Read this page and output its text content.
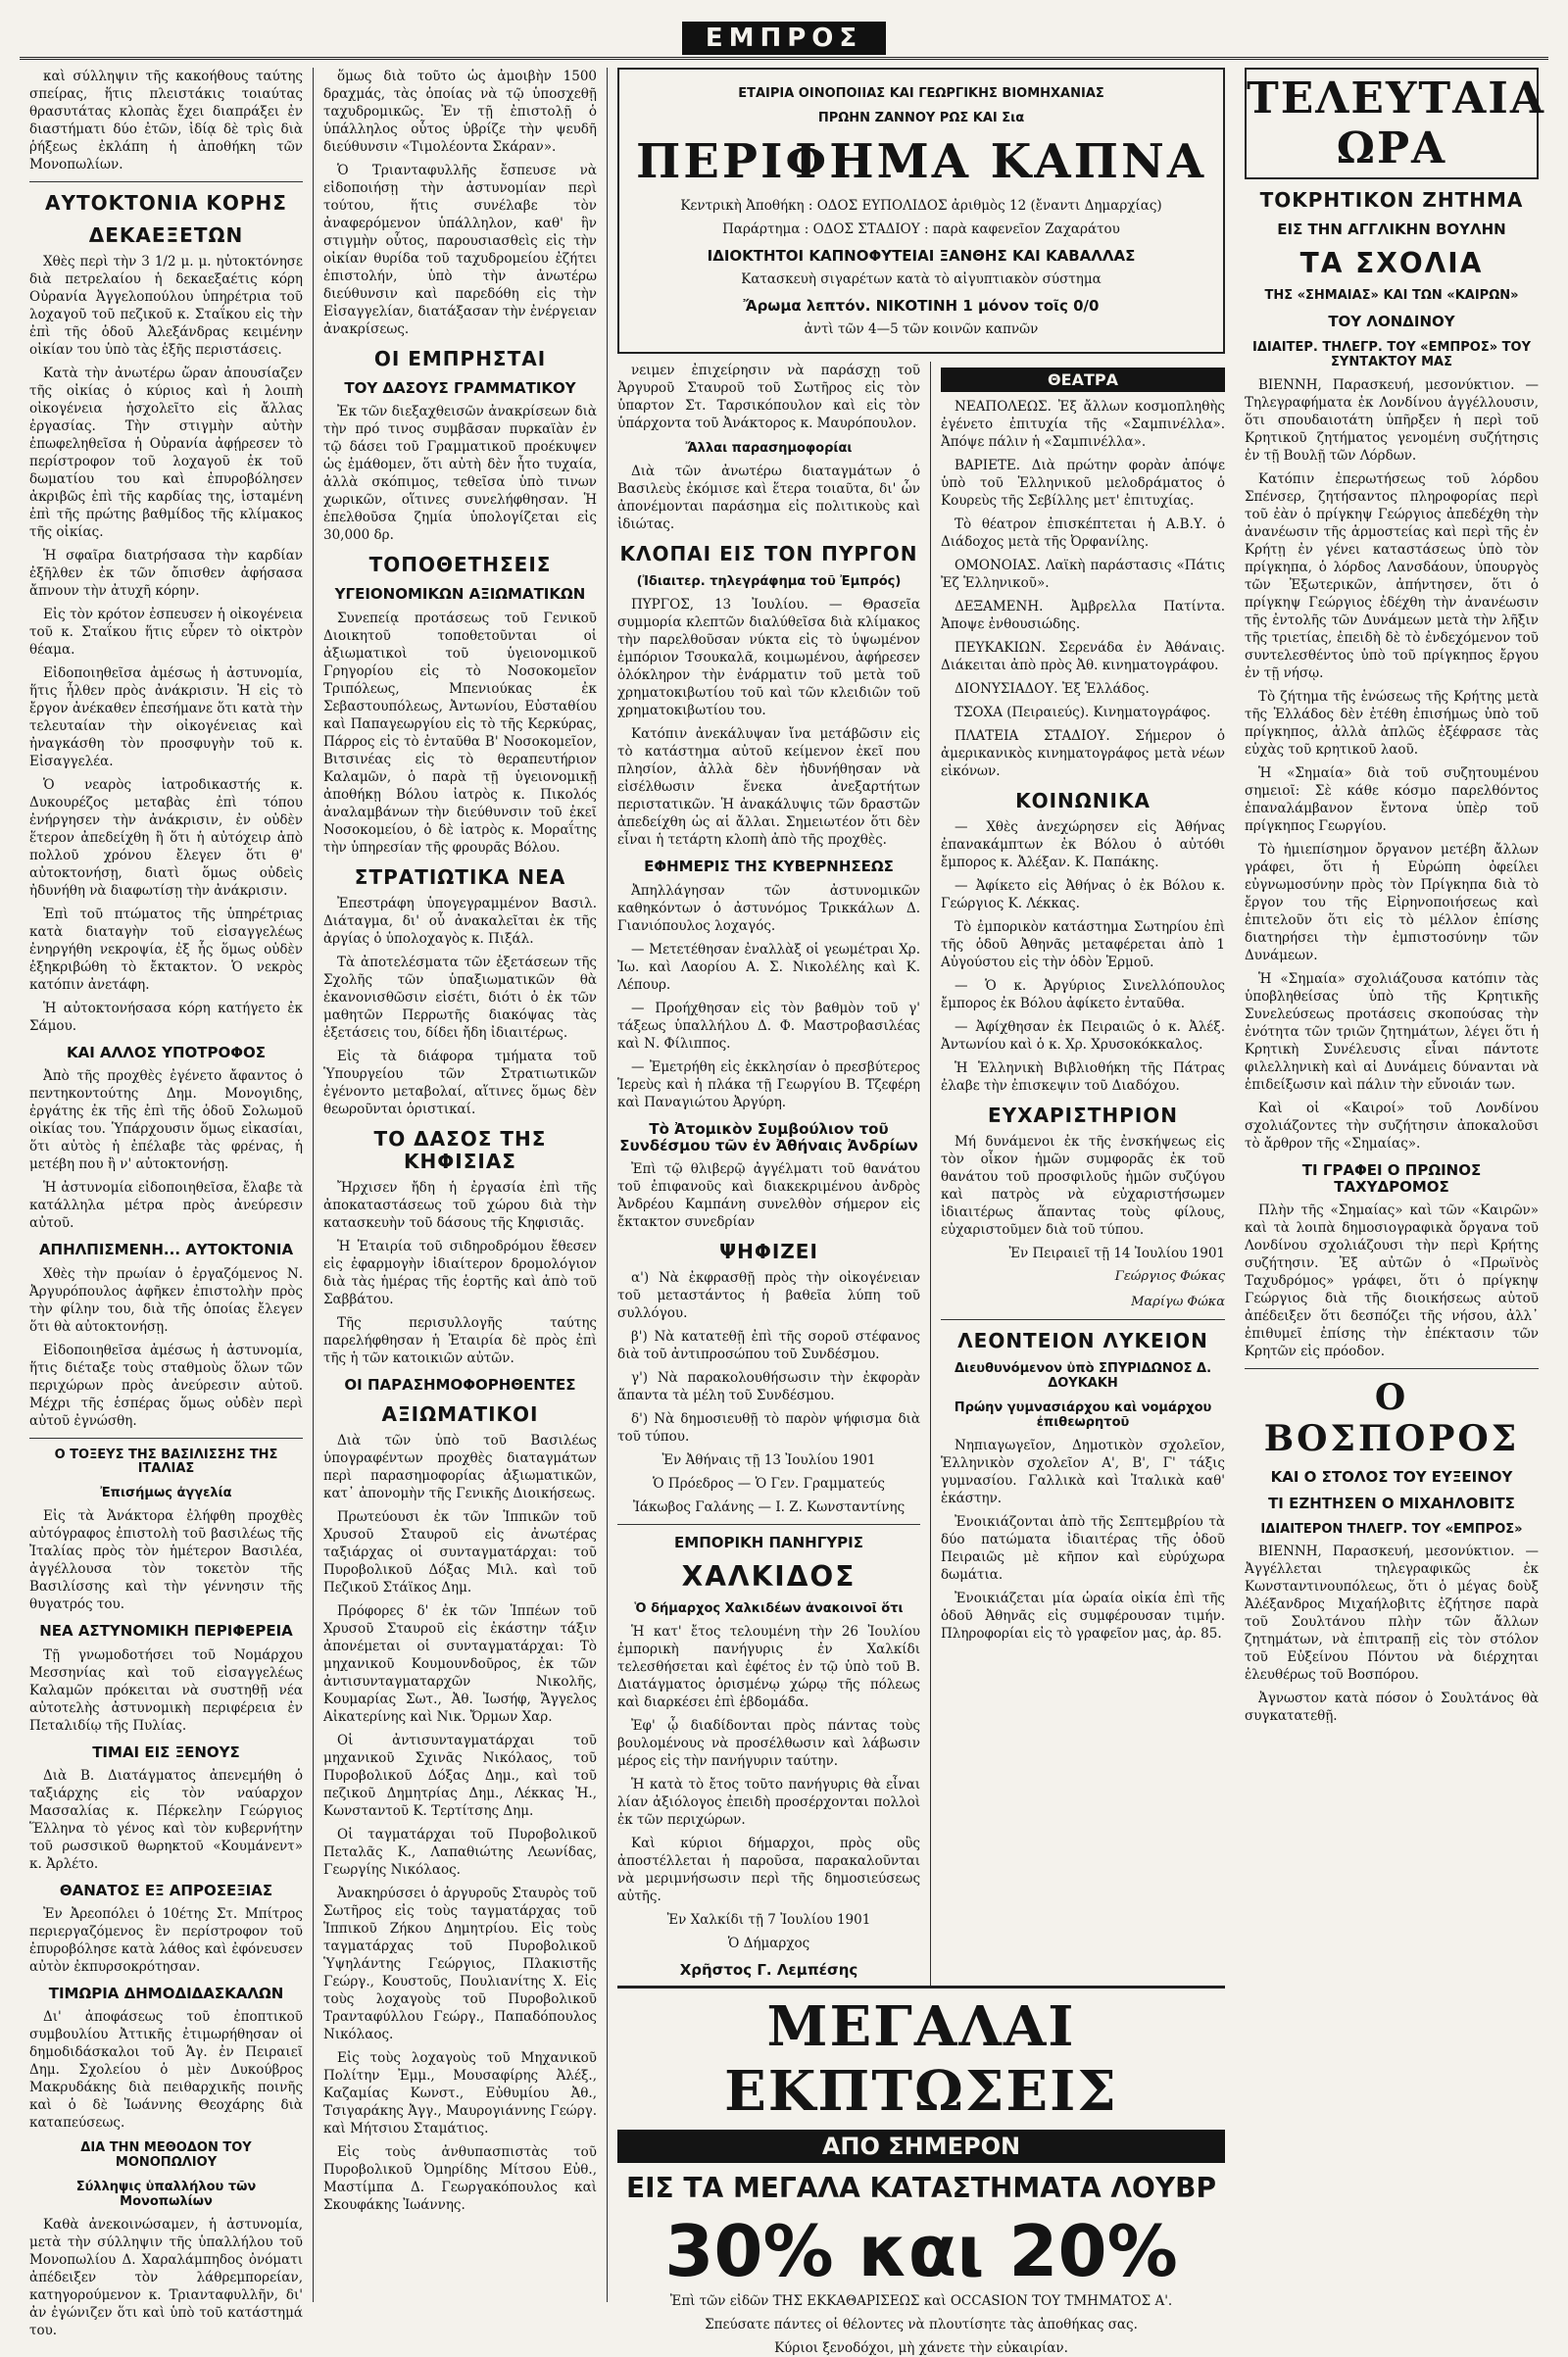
ΕΜΠΡΟΣ

καὶ σύλληψιν τῆς κακοήθους ταύτης σπείρας, ἥτις πλειστάκις τοιαύτας θρασυτάτας κλοπὰς ἔχει διαπράξει ἐν διαστήματι δύο ἐτῶν, ἰδίᾳ δὲ τρὶς διὰ ῥήξεως ἐκλάπη ἡ ἀποθήκη τῶν Μονοπωλίων.

ΑΥΤΟΚΤΟΝΙΑ ΚΟΡΗΣ
ΔΕΚΑΕΞΕΤΩΝ

Χθὲς περὶ τὴν 3 1/2 μ. μ. ηὐτοκτόνησε διὰ πετρελαίου ἡ δεκαεξαέτις κόρη Οὐρανία Ἀγγελοπούλου ὑπηρέτρια τοῦ λοχαγοῦ τοῦ πεζικοῦ κ. Σταΐκου εἰς τὴν ἐπὶ τῆς ὁδοῦ Ἀλεξάνδρας κειμένην οἰκίαν του ὑπὸ τὰς ἑξῆς περιστάσεις.

Κατὰ τὴν ἀνωτέρω ὥραν ἀπουσίαζεν τῆς οἰκίας ὁ κύριος καὶ ἡ λοιπὴ οἰκογένεια ἠσχολεῖτο εἰς ἄλλας ἐργασίας. Τὴν στιγμὴν αὐτὴν ἐπωφεληθεῖσα ἡ Οὐρανία ἀφῄρεσεν τὸ περίστροφον τοῦ λοχαγοῦ ἐκ τοῦ δωματίου του καὶ ἐπυροβόλησεν ἀκριβῶς ἐπὶ τῆς καρδίας της, ἱσταμένη ἐπὶ τῆς πρώτης βαθμίδος τῆς κλίμακος τῆς οἰκίας.

Ἡ σφαῖρα διατρήσασα τὴν καρδίαν ἐξῆλθεν ἐκ τῶν ὄπισθεν ἀφήσασα ἄπνουν τὴν ἀτυχῆ κόρην.

Εἰς τὸν κρότον ἐσπευσεν ἡ οἰκογένεια τοῦ κ. Σταΐκου ἥτις εὗρεν τὸ οἰκτρὸν θέαμα.

Εἰδοποιηθεῖσα ἀμέσως ἡ ἀστυνομία, ἥτις ἦλθεν πρὸς ἀνάκρισιν. Ἡ εἰς τὸ ἔργον ἀνέκαθεν ἐπεσήμανε ὅτι κατὰ τὴν τελευταίαν τὴν οἰκογένειας καὶ ἠναγκάσθη τὸν προσφυγὴν τοῦ κ. Εἰσαγγελέα.

Ὁ νεαρὸς ἰατροδικαστής κ. Δυκουρέζος μεταβὰς ἐπὶ τόπου ἐνήργησεν τὴν ἀνάκρισιν, ἐν οὐδὲν ἕτερον ἀπεδείχθη ἢ ὅτι ἡ αὐτόχειρ ἀπὸ πολλοῦ χρόνου ἔλεγεν ὅτι θ' αὐτοκτονήσῃ, διατὶ ὅμως οὐδεὶς ἠδυνήθη νὰ διαφωτίσῃ τὴν ἀνάκρισιν.

Ἐπὶ τοῦ πτώματος τῆς ὑπηρέτριας κατὰ διαταγὴν τοῦ εἰσαγγελέως ἐνηργήθη νεκροψία, ἐξ ἧς ὅμως οὐδὲν ἐξηκριβώθη τὸ ἔκτακτον. Ὁ νεκρὸς κατόπιν ἀνετάφη.

Ἡ αὐτοκτονήσασα κόρη κατήγετο ἐκ Σάμου.

ΚΑΙ ΑΛΛΟΣ ΥΠΟΤΡΟΦΟΣ

Ἀπὸ τῆς προχθὲς ἐγένετο ἄφαντος ὁ πεντηκοντούτης Δημ. Μονογιδης, ἐργάτης ἐκ τῆς ἐπὶ τῆς ὁδοῦ Σολωμοῦ οἰκίας του. Ὑπάρχουσιν ὅμως εἰκασίαι, ὅτι αὐτὸς ἡ ἐπέλαβε τὰς φρένας, ἡ μετέβη που ἢ ν' αὐτοκτονήσῃ.

Ἡ ἀστυνομία εἰδοποιηθεῖσα, ἔλαβε τὰ κατάλληλα μέτρα πρὸς ἀνεύρεσιν αὐτοῦ.

ΑΠΗΛΠΙΣΜΕΝΗ... ΑΥΤΟΚΤΟΝΙΑ

Χθὲς τὴν πρωίαν ὁ ἐργαζόμενος Ν. Ἀργυρόπουλος ἀφῆκεν ἐπιστολὴν πρὸς τὴν φίλην του, διὰ τῆς ὁποίας ἔλεγεν ὅτι θὰ αὐτοκτονήσῃ.

Εἰδοποιηθεῖσα ἀμέσως ἡ ἀστυνομία, ἥτις διέταξε τοὺς σταθμοὺς ὅλων τῶν περιχώρων πρὸς ἀνεύρεσιν αὐτοῦ. Μέχρι τῆς ἑσπέρας ὅμως οὐδὲν περὶ αὐτοῦ ἐγνώσθη.

Ο ΤΟΞΕΥΣ ΤΗΣ ΒΑΣΙΛΙΣΣΗΣ ΤΗΣ ΙΤΑΛΙΑΣ
Ἐπισήμως ἀγγελία

Εἰς τὰ Ἀνάκτορα ἐλήφθη προχθὲς αὐτόγραφος ἐπιστολὴ τοῦ βασιλέως τῆς Ἰταλίας πρὸς τὸν ἡμέτερον Βασιλέα, ἀγγέλλουσα τὸν τοκετὸν τῆς Βασιλίσσης καὶ τὴν γέννησιν τῆς θυγατρός του.

ΝΕΑ ΑΣΤΥΝΟΜΙΚΗ ΠΕΡΙΦΕΡΕΙΑ

Τῇ γνωμοδοτήσει τοῦ Νομάρχου Μεσσηνίας καὶ τοῦ εἰσαγγελέως Καλαμῶν πρόκειται νὰ συστηθῇ νέα αὐτοτελὴς ἀστυνομικὴ περιφέρεια ἐν Πεταλιδίῳ τῆς Πυλίας.

ΤΙΜΑΙ ΕΙΣ ΞΕΝΟΥΣ

Διὰ Β. Διατάγματος ἀπενεμήθη ὁ ταξιάρχης εἰς τὸν ναύαρχον Μασσαλίας κ. Πέρκελην Γεώργιος Ἕλληνα τὸ γένος καὶ τὸν κυβερνήτην τοῦ ρωσσικοῦ θωρηκτοῦ «Κουμάνεντ» κ. Ἀρλέτο.

ΘΑΝΑΤΟΣ ΕΞ ΑΠΡΟΣΕΞΙΑΣ

Ἐν Ἀρεοπόλει ὁ 10έτης Στ. Μπίτρος περιεργαζόμενος ἓν περίστροφον τοῦ ἐπυροβόλησε κατὰ λάθος καὶ ἐφόνευσεν αὐτὸν ἐκπυρσοκρότησαν.

ΤΙΜΩΡΙΑ ΔΗΜΟΔΙΔΑΣΚΑΛΩΝ

Δι' ἀποφάσεως τοῦ ἐποπτικοῦ συμβουλίου Ἀττικῆς ἐτιμωρήθησαν οἱ δημοδιδάσκαλοι τοῦ Ἁγ. ἐν Πειραιεῖ Δημ. Σχολείου ὁ μὲν Δυκούβρος Μακρυδάκης διὰ πειθαρχικῆς ποινῆς καὶ ὁ δὲ Ἰωάννης Θεοχάρης διὰ καταπεύσεως.

ΔΙΑ ΤΗΝ ΜΕΘΟΔΟΝ ΤΟΥ ΜΟΝΟΠΩΛΙΟΥ
Σύλληψις ὑπαλλήλου τῶν Μονοπωλίων

Καθὰ ἀνεκοινώσαμεν, ἡ ἀστυνομία, μετὰ τὴν σύλληψιν τῆς ὑπαλλήλου τοῦ Μονοπωλίου Δ. Χαραλάμπηδος ὀνόματι ἀπέδειξεν τὸν λάθρεμπορείαν, κατηγορούμενον κ. Τριανταφυλλῆν, δι' ἀν ἐγώνιζεν ὅτι καὶ ὑπὸ τοῦ κατάστημά του.

ὅμως διὰ τοῦτο ὡς ἀμοιβὴν 1500 δραχμάς, τὰς ὁποίας νὰ τῷ ὑποσχεθῇ ταχυδρομικῶς. Ἐν τῇ ἐπιστολῇ ὁ ὑπάλληλος οὗτος ὑβρίζε τὴν ψευδῆ διεύθυνσιν «Τιμολέοντα Σκάραν».

Ὁ Τριανταφυλλῆς ἔσπευσε νὰ εἰδοποιήσῃ τὴν ἀστυνομίαν περὶ τούτου, ἥτις συνέλαβε τὸν ἀναφερόμενον ὑπάλληλον, καθ' ἣν στιγμὴν οὗτος, παρουσιασθεὶς εἰς τὴν οἰκίαν θυρίδα τοῦ ταχυδρομείου ἐζήτει ἐπιστολήν, ὑπὸ τὴν ἀνωτέρω διεύθυνσιν καὶ παρεδόθη εἰς τὴν Εἰσαγγελίαν, διατάξασαν τὴν ἐνέργειαν ἀνακρίσεως.

ΟΙ ΕΜΠΡΗΣΤΑΙ
ΤΟΥ ΔΑΣΟΥΣ ΓΡΑΜΜΑΤΙΚΟΥ

Ἐκ τῶν διεξαχθεισῶν ἀνακρίσεων διὰ τὴν πρό τινος συμβᾶσαν πυρκαϊὰν ἐν τῷ δάσει τοῦ Γραμματικοῦ προέκυψεν ὡς ἐμάθομεν, ὅτι αὐτὴ δὲν ἦτο τυχαία, ἀλλὰ σκόπιμος, τεθεῖσα ὑπὸ τινων χωρικῶν, οἵτινες συνελήφθησαν. Ἡ ἐπελθοῦσα ζημία ὑπολογίζεται εἰς 30,000 δρ.

ΤΟΠΟΘΕΤΗΣΕΙΣ
ΥΓΕΙΟΝΟΜΙΚΩΝ ΑΞΙΩΜΑΤΙΚΩΝ

Συνεπείᾳ προτάσεως τοῦ Γενικοῦ Διοικητοῦ τοποθετοῦνται οἱ ἀξιωματικοὶ τοῦ ὑγειονομικοῦ Γρηγορίου εἰς τὸ Νοσοκομεῖον Τριπόλεως, Μπενιούκας ἐκ Σεβαστουπόλεως, Ἀντωνίου, Εὐσταθίου καὶ Παπαγεωργίου εἰς τὸ τῆς Κερκύρας, Πάρρος εἰς τὸ ἐνταῦθα Β' Νοσοκομεῖον, Βιτσινέας εἰς τὸ θεραπευτήριον Καλαμῶν, ὁ παρὰ τῇ ὑγειονομικῇ ἀποθήκῃ Βόλου ἰατρὸς κ. Πικολός ἀναλαμβάνων τὴν διεύθυνσιν τοῦ ἐκεῖ Νοσοκομείου, ὁ δὲ ἰατρὸς κ. Μοραΐτης τὴν ὑπηρεσίαν τῆς φρουρᾶς Βόλου.

ΣΤΡΑΤΙΩΤΙΚΑ ΝΕΑ

Ἐπεστράφη ὑπογεγραμμένον Βασιλ. Διάταγμα, δι' οὗ ἀνακαλεῖται ἐκ τῆς ἀργίας ὁ ὑπολοχαγὸς κ. Πιξάλ.

Τὰ ἀποτελέσματα τῶν ἐξετάσεων τῆς Σχολῆς τῶν ὑπαξιωματικῶν θὰ ἐκανονισθῶσιν εἰσέτι, διότι ὁ ἐκ τῶν μαθητῶν Περρωτῆς διακόψας τὰς ἐξετάσεις του, δίδει ἤδη ἰδιαιτέρως.

Εἰς τὰ διάφορα τμήματα τοῦ Ὑπουργείου τῶν Στρατιωτικῶν ἐγένοντο μεταβολαί, αἵτινες ὅμως δὲν θεωροῦνται ὁριστικαί.

ΤΟ ΔΑΣΟΣ ΤΗΣ ΚΗΦΙΣΙΑΣ

Ἤρχισεν ἤδη ἡ ἐργασία ἐπὶ τῆς ἀποκαταστάσεως τοῦ χώρου διὰ τὴν κατασκευὴν τοῦ δάσους τῆς Κηφισιᾶς.

Ἡ Ἑταιρία τοῦ σιδηροδρόμου ἔθεσεν εἰς ἐφαρμογὴν ἰδιαίτερον δρομολόγιον διὰ τὰς ἡμέρας τῆς ἑορτῆς καὶ ἀπὸ τοῦ Σαββάτου.

Τῆς περισυλλογῆς ταύτης παρελήφθησαν ἡ Ἑταιρία δὲ πρὸς ἐπὶ τῆς ἡ τῶν κατοικιῶν αὐτῶν.

ΟΙ ΠΑΡΑΣΗΜΟΦΟΡΗΘΕΝΤΕΣ
ΑΞΙΩΜΑΤΙΚΟΙ

Διὰ τῶν ὑπὸ τοῦ Βασιλέως ὑπογραφέντων προχθὲς διαταγμάτων περὶ παρασημοφορίας ἀξιωματικῶν, κατ᾽ ἀπονομὴν τῆς Γενικῆς Διοικήσεως.

Πρωτεύουσι ἐκ τῶν Ἱππικῶν τοῦ Χρυσοῦ Σταυροῦ εἰς ἀνωτέρας ταξιάρχας οἱ συνταγματάρχαι: τοῦ Πυροβολικοῦ Δόξας Μιλ. καὶ τοῦ Πεζικοῦ Στάϊκος Δημ.

Πρόφορες δ' ἐκ τῶν Ἱππέων τοῦ Χρυσοῦ Σταυροῦ εἰς ἐκάστην τάξιν ἀπονέμεται οἱ συνταγματάρχαι: Τὸ μηχανικοῦ Κουμουνδοῦρος, ἐκ τῶν ἀντισυνταγματαρχῶν Νικολῆς, Κουμαρίας Σωτ., Ἀθ. Ἰωσήφ, Ἄγγελος Αἰκατερίνης καὶ Νικ. Ὄρμων Χαρ.

Οἱ ἀντισυνταγματάρχαι τοῦ μηχανικοῦ Σχινᾶς Νικόλαος, τοῦ Πυροβολικοῦ Δόξας Δημ., καὶ τοῦ πεζικοῦ Δημητρίας Δημ., Λέκκας Ἠ., Κωνσταντοῦ Κ. Τερτίτσης Δημ.

Οἱ ταγματάρχαι τοῦ Πυροβολικοῦ Πεταλᾶς Κ., Λαπαθιώτης Λεωνίδας, Γεωργίης Νικόλαος.

Ἀνακηρύσσει ὁ ἀργυροῦς Σταυρὸς τοῦ Σωτῆρος εἰς τοὺς ταγματάρχας τοῦ Ἱππικοῦ Ζήκου Δημητρίου. Εἰς τοὺς ταγματάρχας τοῦ Πυροβολικοῦ Ὑψηλάντης Γεώργιος, Πλακιστῆς Γεώργ., Κουστοῦς, Πουλιανίτης Χ. Εἰς τοὺς λοχαγοὺς τοῦ Πυροβολικοῦ Τρανταφύλλου Γεώργ., Παπαδόπουλος Νικόλαος.

Εἰς τοὺς λοχαγοὺς τοῦ Μηχανικοῦ Πολίτην Ἐμμ., Μουσαφίρης Ἀλέξ., Καζαμίας Κωνστ., Εὐθυμίου Ἀθ., Τσιγαράκης Ἀγγ., Μαυρογιάννης Γεώργ. καὶ Μήτσιου Σταμάτιος.

Εἰς τοὺς ἀνθυπασπιστὰς τοῦ Πυροβολικοῦ Ὀμηρίδης Μίτσου Εὐθ., Μαστίμπα Δ. Γεωργακόπουλος καὶ Σκουφάκης Ἰωάννης.

ΕΤΑΙΡΙΑ ΟΙΝΟΠΟΙΙΑΣ ΚΑΙ ΓΕΩΡΓΙΚΗΣ ΒΙΟΜΗΧΑΝΙΑΣ
ΠΡΩΗΝ ΖΑΝΝΟΥ ΡΩΣ ΚΑΙ Σια
ΠΕΡΙΦΗΜΑ ΚΑΠΝΑ

Κεντρικὴ Ἀποθήκη : ΟΔΟΣ ΕΥΠΟΛΙΔΟΣ ἀριθμὸς 12 (ἔναντι Δημαρχίας)

Παράρτημα : ΟΔΟΣ ΣΤΑΔΙΟΥ : παρὰ καφενεῖον Ζαχαράτου

ΙΔΙΟΚΤΗΤΟΙ ΚΑΠΝΟΦΥΤΕΙΑΙ ΞΑΝΘΗΣ ΚΑΙ ΚΑΒΑΛΛΑΣ

Κατασκευὴ σιγαρέτων κατὰ τὸ αἰγυπτιακὸν σύστημα

Ἄρωμα λεπτόν. ΝΙΚΟΤΙΝΗ 1 μόνον τοῖς 0/0

ἀντὶ τῶν 4—5 τῶν κοινῶν καπνῶν

νειμεν ἐπιχείρησιν νὰ παράσχῃ τοῦ Ἀργυροῦ Σταυροῦ τοῦ Σωτῆρος εἰς τὸν ὑπαρτον Στ. Ταρσικόπουλον καὶ εἰς τὸν ὑπάρχοντα τοῦ Ἀνάκτορος κ. Μαυρόπουλον.

Ἄλλαι παρασημοφορίαι

Διὰ τῶν ἀνωτέρω διαταγμάτων ὁ Βασιλεὺς ἐκόμισε καὶ ἕτερα τοιαῦτα, δι' ὧν ἀπονέμονται παράσημα εἰς πολιτικοὺς καὶ ἰδιώτας.

ΚΛΟΠΑΙ ΕΙΣ ΤΟΝ ΠΥΡΓΟΝ
(Ἰδιαιτερ. τηλεγράφημα τοῦ Ἐμπρός)

ΠΥΡΓΟΣ, 13 Ἰουλίου. — Θρασεῖα συμμορία κλεπτῶν διαλύθεῖσα διὰ κλίμακος τὴν παρελθοῦσαν νύκτα εἰς τὸ ὑψωμένον ἐμπόριον Τσουκαλᾶ, κοιμωμένου, ἀφήρεσεν ὁλόκληρον τὴν ἐνάρματιν τοῦ μετὰ τοῦ χρηματοκιβωτίου τοῦ καὶ τῶν κλειδιῶν τοῦ χρηματοκιβωτίου του.

Κατόπιν ἀνεκάλυψαν ἴνα μετάβῶσιν εἰς τὸ κατάστημα αὐτοῦ κείμενον ἐκεῖ που πλησίον, ἀλλὰ δὲν ἠδυνήθησαν νὰ εἰσέλθωσιν ἕνεκα ἀνεξαρτήτων περιστατικῶν. Ἡ ἀνακάλυψις τῶν δραστῶν ἀπεδείχθη ὡς αἱ ἄλλαι. Σημειωτέον ὅτι δὲν εἶναι ἡ τετάρτη κλοπὴ ἀπὸ τῆς προχθὲς.

ΕΦΗΜΕΡΙΣ ΤΗΣ ΚΥΒΕΡΝΗΣΕΩΣ

Ἀπηλλάγησαν τῶν ἀστυνομικῶν καθηκόντων ὁ ἀστυνόμος Τρικκάλων Δ. Γιανιόπουλος λοχαγός.

— Μετετέθησαν ἐναλλὰξ οἱ γεωμέτραι Χρ. Ἰω. καὶ Λαορίου Α. Σ. Νικολέλης καὶ Κ. Λέπουρ.

— Προήχθησαν εἰς τὸν βαθμὸν τοῦ γ' τάξεως ὑπαλλήλου Δ. Φ. Μαστροβασιλέας καὶ Ν. Φίλιππος.

— Ἐμετρήθη εἰς ἐκκλησίαν ὁ πρεσβύτερος Ἱερεὺς καὶ ἡ πλάκα τῇ Γεωργίου Β. Τζεφέρη καὶ Παναγιώτου Ἀργύρη.

Τὸ Ἀτομικὸν Συμβούλιον τοῦ Συνδέσμου τῶν ἐν Ἀθήναις Ἀνδρίων

Ἐπὶ τῷ θλιβερῷ ἀγγέλματι τοῦ θανάτου τοῦ ἐπιφανοῦς καὶ διακεκριμένου ἀνδρὸς Ἀνδρέου Καμπάνη συνελθὸν σήμερον εἰς ἔκτακτον συνεδρίαν

ΨΗΦΙΖΕΙ

α') Νὰ ἐκφρασθῇ πρὸς τὴν οἰκογένειαν τοῦ μεταστάντος ἡ βαθεῖα λύπη τοῦ συλλόγου.

β') Νὰ κατατεθῇ ἐπὶ τῆς σοροῦ στέφανος διὰ τοῦ ἀντιπροσώπου τοῦ Συνδέσμου.

γ') Νὰ παρακολουθήσωσιν τὴν ἐκφορὰν ἅπαντα τὰ μέλη τοῦ Συνδέσμου.

δ') Νὰ δημοσιευθῇ τὸ παρὸν ψήφισμα διὰ τοῦ τύπου.

Ἐν Ἀθήναις τῇ 13 Ἰουλίου 1901

Ὁ Πρόεδρος — Ὁ Γεν. Γραμματεύς

Ἰάκωβος Γαλάνης — Ι. Ζ. Κωνσταντίνης

ΕΜΠΟΡΙΚΗ ΠΑΝΗΓΥΡΙΣ
ΧΑΛΚΙΔΟΣ
Ὁ δήμαρχος Χαλκιδέων ἀνακοινοῖ ὅτι

Ἡ κατ' ἔτος τελουμένη τὴν 26 Ἰουλίου ἐμπορικὴ πανήγυρις ἐν Χαλκίδι τελεσθήσεται καὶ ἐφέτος ἐν τῷ ὑπὸ τοῦ Β. Διατάγματος ὁρισμένῳ χώρῳ τῆς πόλεως καὶ διαρκέσει ἐπὶ ἑβδομάδα.

Ἐφ' ᾧ διαδίδονται πρὸς πάντας τοὺς βουλομένους νὰ προσέλθωσιν καὶ λάβωσιν μέρος εἰς τὴν πανήγυριν ταύτην.

Ἡ κατὰ τὸ ἔτος τοῦτο πανήγυρις θὰ εἶναι λίαν ἀξιόλογος ἐπειδὴ προσέρχονται πολλοὶ ἐκ τῶν περιχώρων.

Καὶ κύριοι δήμαρχοι, πρὸς οὓς ἀποστέλλεται ἡ παροῦσα, παρακαλοῦνται νὰ μεριμνήσωσιν περὶ τῆς δημοσιεύσεως αὐτῆς.

Ἐν Χαλκίδι τῇ 7 Ἰουλίου 1901

Ὁ Δήμαρχος

Χρῆστος Γ. Λεμπέσης
ΘΕΑΤΡΑ

ΝΕΑΠΟΛΕΩΣ. Ἐξ ἄλλων κοσμοπληθὴς ἐγένετο ἐπιτυχία τῆς «Σαμπινέλλα». Ἀπόψε πάλιν ἡ «Σαμπινέλλα».

ΒΑΡΙΕΤΕ. Διὰ πρώτην φορὰν ἀπόψε ὑπὸ τοῦ Ἑλληνικοῦ μελοδράματος ὁ Κουρεὺς τῆς Σεβίλλης μετ' ἐπιτυχίας.

Τὸ θέατρον ἐπισκέπτεται ἡ Α.Β.Υ. ὁ Διάδοχος μετὰ τῆς Ὀρφανίλης.

ΟΜΟΝΟΙΑΣ. Λαϊκὴ παράστασις «Πάτις Ἐζ Ἑλληνικοῦ».

ΔΕΞΑΜΕΝΗ. Ἀμβρελλα Πατίντα. Ἀποψε ἐνθουσιώδης.

ΠΕΥΚΑΚΙΩΝ. Σερενάδα ἐν Ἀθάναις. Διάκειται ἀπὸ πρὸς Ἀθ. κινηματογράφου.

ΔΙΟΝΥΣΙΑΔΟΥ. Ἐξ Ἑλλάδος.

ΤΣΟΧΑ (Πειραιεύς). Κινηματογράφος.

ΠΛΑΤΕΙΑ ΣΤΑΔΙΟΥ. Σήμερον ὁ ἀμερικανικὸς κινηματογράφος μετὰ νέων εἰκόνων.

ΚΟΙΝΩΝΙΚΑ

— Χθὲς ἀνεχώρησεν εἰς Ἀθήνας ἐπανακάμπτων ἐκ Βόλου ὁ αὐτόθι ἔμπορος κ. Ἀλέξαν. Κ. Παπάκης.

— Ἀφίκετο εἰς Ἀθήνας ὁ ἐκ Βόλου κ. Γεώργιος Κ. Λέκκας.

Τὸ ἐμπορικὸν κατάστημα Σωτηρίου ἐπὶ τῆς ὁδοῦ Ἀθηνᾶς μεταφέρεται ἀπὸ 1 Αὐγούστου εἰς τὴν ὁδὸν Ἑρμοῦ.

— Ὁ κ. Ἀργύριος Σινελλόπουλος ἔμπορος ἐκ Βόλου ἀφίκετο ἐνταῦθα.

— Ἀφίχθησαν ἐκ Πειραιῶς ὁ κ. Ἀλέξ. Ἀντωνίου καὶ ὁ κ. Χρ. Χρυσοκόκκαλος.

Ἡ Ἑλληνικὴ Βιβλιοθήκη τῆς Πάτρας ἐλαβε τὴν ἐπισκεψιν τοῦ Διαδόχου.

ΕΥΧΑΡΙΣΤΗΡΙΟΝ

Μή δυνάμενοι ἐκ τῆς ἐνσκήψεως εἰς τὸν οἶκον ἡμῶν συμφορᾶς ἐκ τοῦ θανάτου τοῦ προσφιλοῦς ἡμῶν συζύγου καὶ πατρὸς νὰ εὐχαριστήσωμεν ἰδιαιτέρως ἅπαντας τοὺς φίλους, εὐχαριστοῦμεν διὰ τοῦ τύπου.

Ἐν Πειραιεῖ τῇ 14 Ἰουλίου 1901

Γεώργιος Φώκας

Μαρίγω Φώκα

ΛΕΟΝΤΕΙΟΝ ΛΥΚΕΙΟΝ
Διευθυνόμενον ὑπὸ ΣΠΥΡΙΔΩΝΟΣ Δ. ΔΟΥΚΑΚΗ
Πρώην γυμνασιάρχου καὶ νομάρχου ἐπιθεωρητοῦ

Νηπιαγωγεῖον, Δημοτικὸν σχολεῖον, Ἑλληνικὸν σχολεῖον Α', Β', Γ' τάξις γυμνασίου. Γαλλικὰ καὶ Ἰταλικὰ καθ' ἑκάστην.

Ἐνοικιάζονται ἀπὸ τῆς Σεπτεμβρίου τὰ δύο πατώματα ἰδιαιτέρας τῆς ὁδοῦ Πειραιῶς μὲ κῆπον καὶ εὐρύχωρα δωμάτια.

Ἐνοικιάζεται μία ὡραία οἰκία ἐπὶ τῆς ὁδοῦ Ἀθηνᾶς εἰς συμφέρουσαν τιμήν. Πληροφορίαι εἰς τὸ γραφεῖον μας, ἀρ. 85.

ΜΕΓΑΛΑΙ ΕΚΠΤΩΣΕΙΣ
ΑΠΟ ΣΗΜΕΡΟΝ
ΕΙΣ ΤΑ ΜΕΓΑΛΑ ΚΑΤΑΣΤΗΜΑΤΑ ΛΟΥΒΡ
30% και 20%

Ἐπὶ τῶν εἰδῶν ΤΗΣ ΕΚΚΑΘΑΡΙΣΕΩΣ καὶ OCCASION ΤΟΥ ΤΜΗΜΑΤΟΣ Α'.

Σπεύσατε πάντες οἱ θέλοντες νὰ πλουτίσητε τὰς ἀποθήκας σας.

Κύριοι ξενοδόχοι, μὴ χάνετε τὴν εὐκαιρίαν.

ΤΕΛΕΥΤΑΙΑ ΩΡΑ
ΤΟΚΡΗΤΙΚΟΝ ΖΗΤΗΜΑ
ΕΙΣ ΤΗΝ ΑΓΓΛΙΚΗΝ ΒΟΥΛΗΝ
ΤΑ ΣΧΟΛΙΑ
ΤΗΣ «ΣΗΜΑΙΑΣ» ΚΑΙ ΤΩΝ «ΚΑΙΡΩΝ»
ΤΟΥ ΛΟΝΔΙΝΟΥ
ΙΔΙΑΙΤΕΡ. ΤΗΛΕΓΡ. ΤΟΥ «ΕΜΠΡΟΣ» ΤΟΥ ΣΥΝΤΑΚΤΟΥ ΜΑΣ

ΒΙΕΝΝΗ, Παρασκευή, μεσονύκτιον. — Τηλεγραφήματα ἐκ Λονδίνου ἀγγέλλουσιν, ὅτι σπουδαιοτάτη ὑπῆρξεν ἡ περὶ τοῦ Κρητικοῦ ζητήματος γενομένη συζήτησις ἐν τῇ Βουλῇ τῶν Λόρδων.

Κατόπιν ἐπερωτήσεως τοῦ λόρδου Σπένσερ, ζητήσαντος πληροφορίας περὶ τοῦ ἐὰν ὁ πρίγκηψ Γεώργιος ἀπεδέχθη τὴν ἀνανέωσιν τῆς ἁρμοστείας καὶ περὶ τῆς ἐν Κρήτῃ ἐν γένει καταστάσεως ὑπὸ τὸν πρίγκηπα, ὁ λόρδος Λανσδάουν, ὑπουργὸς τῶν Ἐξωτερικῶν, ἀπήντησεν, ὅτι ὁ πρίγκηψ Γεώργιος ἐδέχθη τὴν ἀνανέωσιν τῆς ἐντολῆς τῶν Δυνάμεων μετὰ τὴν λῆξιν τῆς τριετίας, ἐπειδὴ δὲ τὸ ἐνδεχόμενον τοῦ συντελεσθέντος ὑπὸ τοῦ πρίγκηπος ἔργου ἐν τῇ νήσῳ.

Τὸ ζήτημα τῆς ἑνώσεως τῆς Κρήτης μετὰ τῆς Ἑλλάδος δὲν ἐτέθη ἐπισήμως ὑπὸ τοῦ πρίγκηπος, ἀλλὰ ἀπλῶς ἐξέφρασε τὰς εὐχὰς τοῦ κρητικοῦ λαοῦ.

Ἡ «Σημαία» διὰ τοῦ συζητουμένου σημειοῖ: Σὲ κάθε κόσμο παρελθόντος ἐπαναλάμβανον ἔντονα ὑπὲρ τοῦ πρίγκηπος Γεωργίου.

Τὸ ἡμιεπίσημον ὄργανον μετέβη ἄλλων γράφει, ὅτι ἡ Εὐρώπη ὀφείλει εὐγνωμοσύνην πρὸς τὸν Πρίγκηπα διὰ τὸ ἔργον του τῆς Εἰρηνοποιήσεως καὶ ἐπιτελοῦν ὅτι εἰς τὸ μέλλον ἐπίσης διατηρήσει τὴν ἐμπιστοσύνην τῶν Δυνάμεων.

Ἡ «Σημαία» σχολιάζουσα κατόπιν τὰς ὑποβληθείσας ὑπὸ τῆς Κρητικῆς Συνελεύσεως προτάσεις σκοπούσας τὴν ἐνότητα τῶν τριῶν ζητημάτων, λέγει ὅτι ἡ Κρητικὴ Συνέλευσις εἶναι πάντοτε φιλελληνικὴ καὶ αἱ Δυνάμεις δύνανται νὰ ἐπιδείξωσιν καὶ πάλιν τὴν εὔνοιάν των.

Καὶ οἱ «Καιροί» τοῦ Λονδίνου σχολιάζοντες τὴν συζήτησιν ἀποκαλοῦσι τὸ ἄρθρον τῆς «Σημαίας».

ΤΙ ΓΡΑΦΕΙ Ο ΠΡΩΙΝΟΣ ΤΑΧΥΔΡΟΜΟΣ

Πλὴν τῆς «Σημαίας» καὶ τῶν «Καιρῶν» καὶ τὰ λοιπὰ δημοσιογραφικὰ ὄργανα τοῦ Λονδίνου σχολιάζουσι τὴν περὶ Κρήτης συζήτησιν. Ἐξ αὐτῶν ὁ «Πρωϊνὸς Ταχυδρόμος» γράφει, ὅτι ὁ πρίγκηψ Γεώργιος διὰ τῆς διοικήσεως αὐτοῦ ἀπέδειξεν ὅτι δεσπόζει τῆς νήσου, ἀλλ᾽ ἐπιθυμεῖ ἐπίσης τὴν ἐπέκτασιν τῶν Κρητῶν εἰς πρόοδον.

Ο ΒΟΣΠΟΡΟΣ
ΚΑΙ Ο ΣΤΟΛΟΣ ΤΟΥ ΕΥΞΕΙΝΟΥ
ΤΙ ΕΖΗΤΗΣΕΝ Ο ΜΙΧΑΗΛΟΒΙΤΣ
ΙΔΙΑΙΤΕΡΟΝ ΤΗΛΕΓΡ. ΤΟΥ «ΕΜΠΡΟΣ»

ΒΙΕΝΝΗ, Παρασκευή, μεσονύκτιον. — Ἀγγέλλεται τηλεγραφικῶς ἐκ Κωνσταντινουπόλεως, ὅτι ὁ μέγας δοὺξ Ἀλέξανδρος Μιχαήλοβιτς ἐζήτησε παρὰ τοῦ Σουλτάνου πλὴν τῶν ἄλλων ζητημάτων, νὰ ἐπιτραπῇ εἰς τὸν στόλον τοῦ Εὐξείνου Πόντου νὰ διέρχηται ἐλευθέρως τοῦ Βοσπόρου.

Ἀγνωστον κατὰ πόσον ὁ Σουλτάνος θὰ συγκατατεθῇ.
